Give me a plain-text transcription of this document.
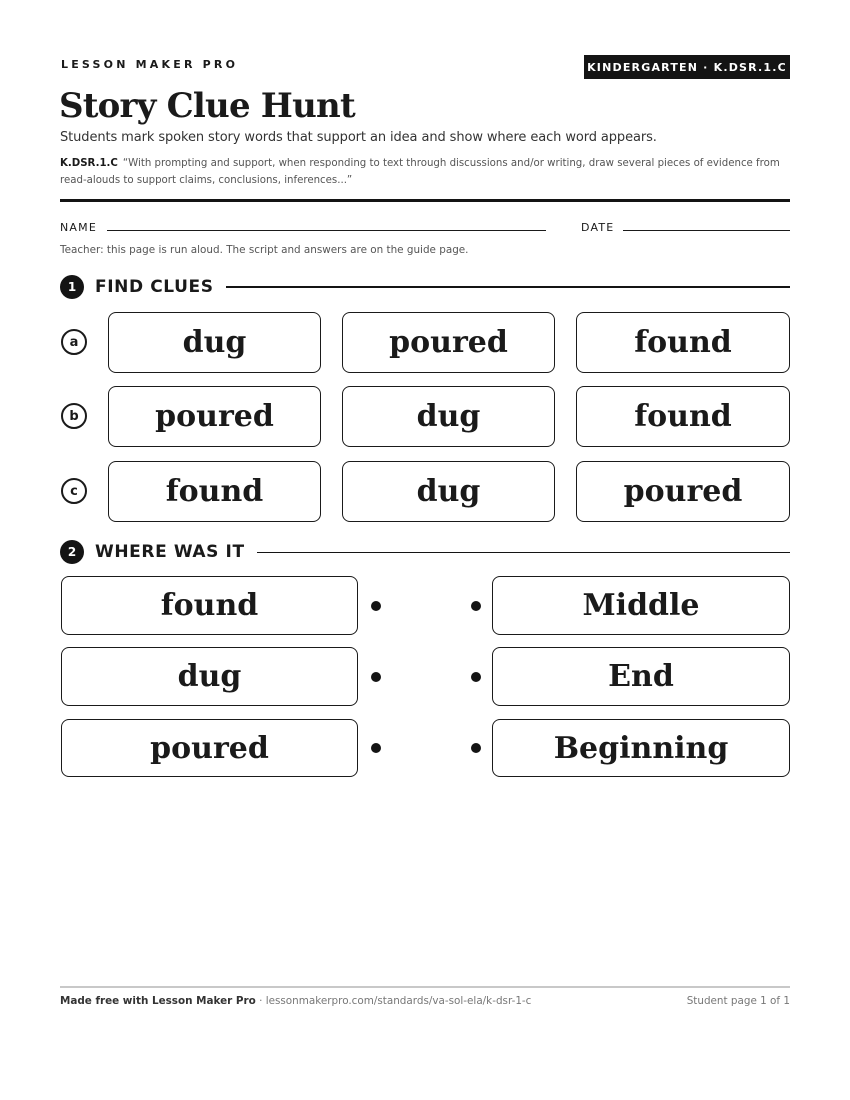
LESSON MAKER PRO	KINDERGARTEN · K.DSR.1.C
Story Clue Hunt

Students mark spoken story words that support an idea and show where each word appears.

K.DSR.1.C “With prompting and support, when responding to text through discussions and/or writing, draw several pieces of evidence from read-alouds to support claims, conclusions, inferences...”

NAME	DATE

Teacher: this page is run aloud. The script and answers are on the guide page.

1	FIND CLUES
a	dug	poured	found
b	poured	dug	found
c	found	dug	poured
2	WHERE WAS IT
found	Middle
dug	End
poured	Beginning
Made free with Lesson Maker Pro · lessonmakerpro.com/standards/va-sol-ela/k-dsr-1-c	Student page 1 of 1
